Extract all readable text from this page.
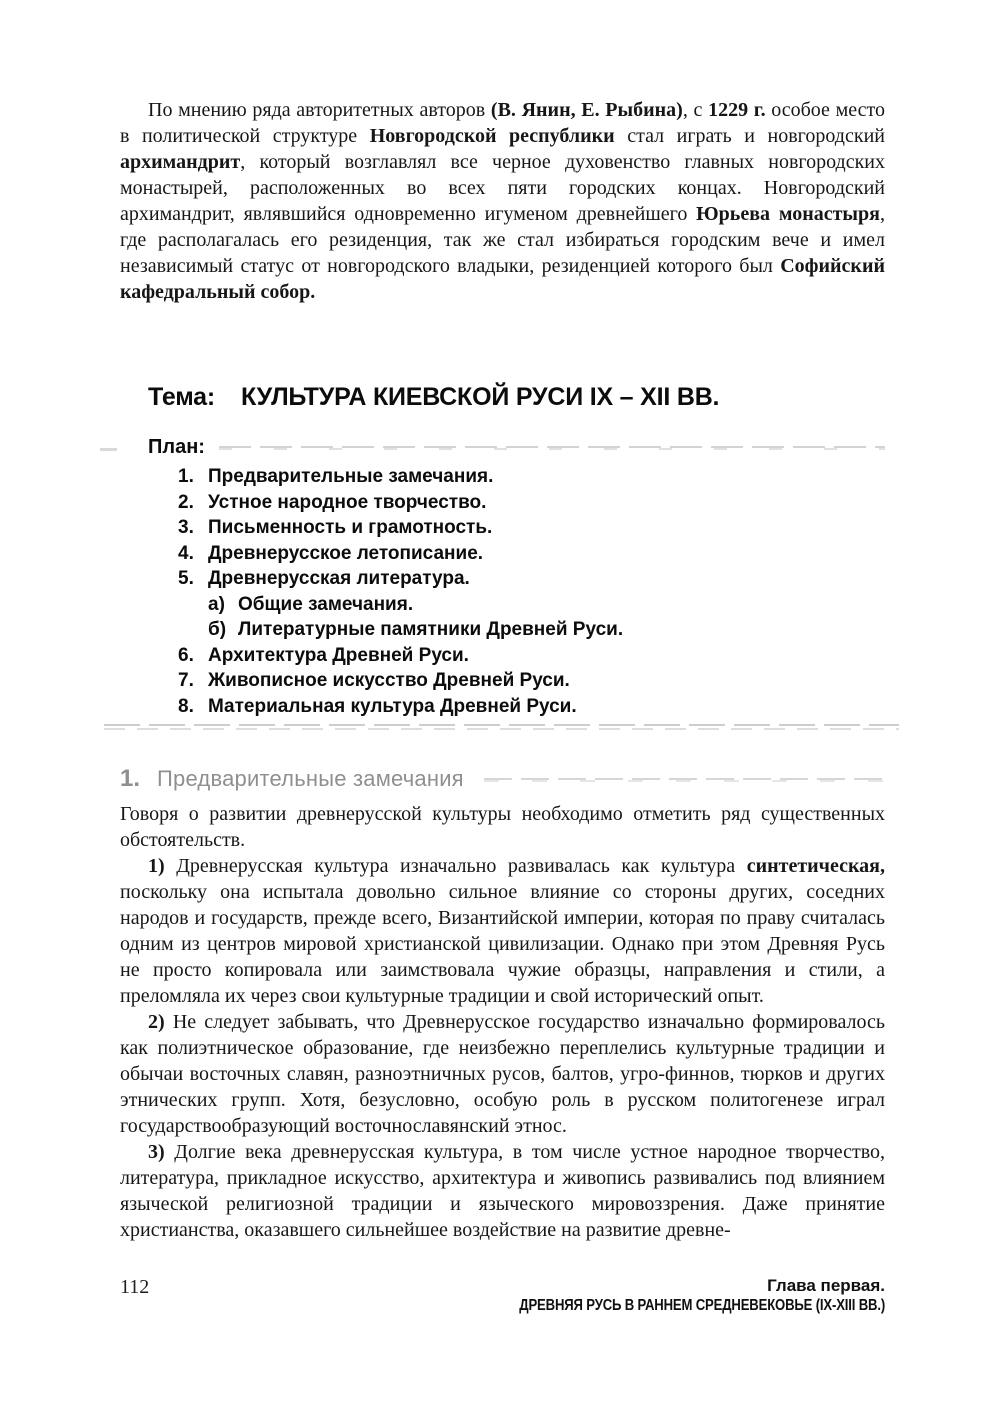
По мнению ряда авторитетных авторов (В. Янин, Е. Рыбина), с 1229 г. особое место в политической структуре Новгородской республики стал играть и новгородский архимандрит, который возглавлял все черное духовенство главных новгородских монастырей, расположенных во всех пяти городских концах. Новгородский архимандрит, являвшийся одновременно игуменом древнейшего Юрьева монастыря, где располагалась его резиденция, так же стал избираться городским вече и имел независимый статус от новгородского владыки, резиденцией которого был Софийский кафедральный собор.

Тема: КУЛЬТУРА КИЕВСКОЙ РУСИ IX – XII ВВ.
План:
1. Предварительные замечания.
2. Устное народное творчество.
3. Письменность и грамотность.
4. Древнерусское летописание.
5. Древнерусская литература.
а) Общие замечания.
б) Литературные памятники Древней Руси.
6. Архитектура Древней Руси.
7. Живописное искусство Древней Руси.
8. Материальная культура Древней Руси.
1. Предварительные замечания

Говоря о развитии древнерусской культуры необходимо отметить ряд существенных обстоятельств.

1) Древнерусская культура изначально развивалась как культура синтетическая, поскольку она испытала довольно сильное влияние со стороны других, соседних народов и государств, прежде всего, Византийской империи, которая по праву считалась одним из центров мировой христианской цивилизации. Однако при этом Древняя Русь не просто копировала или заимствовала чужие образцы, направления и стили, а преломляла их через свои культурные традиции и свой исторический опыт.

2) Не следует забывать, что Древнерусское государство изначально формировалось как полиэтническое образование, где неизбежно переплелись культурные традиции и обычаи восточных славян, разноэтничных русов, балтов, угро-финнов, тюрков и других этнических групп. Хотя, безусловно, особую роль в русском политогенезе играл государствообразующий восточнославянский этнос.

3) Долгие века древнерусская культура, в том числе устное народное творчество, литература, прикладное искусство, архитектура и живопись развивались под влиянием языческой религиозной традиции и языческого мировоззрения. Даже принятие христианства, оказавшего сильнейшее воздействие на развитие древне-

112	Глава первая.
ДРЕВНЯЯ РУСЬ В РАННЕМ СРЕДНЕВЕКОВЬЕ (IX-XIII ВВ.)
